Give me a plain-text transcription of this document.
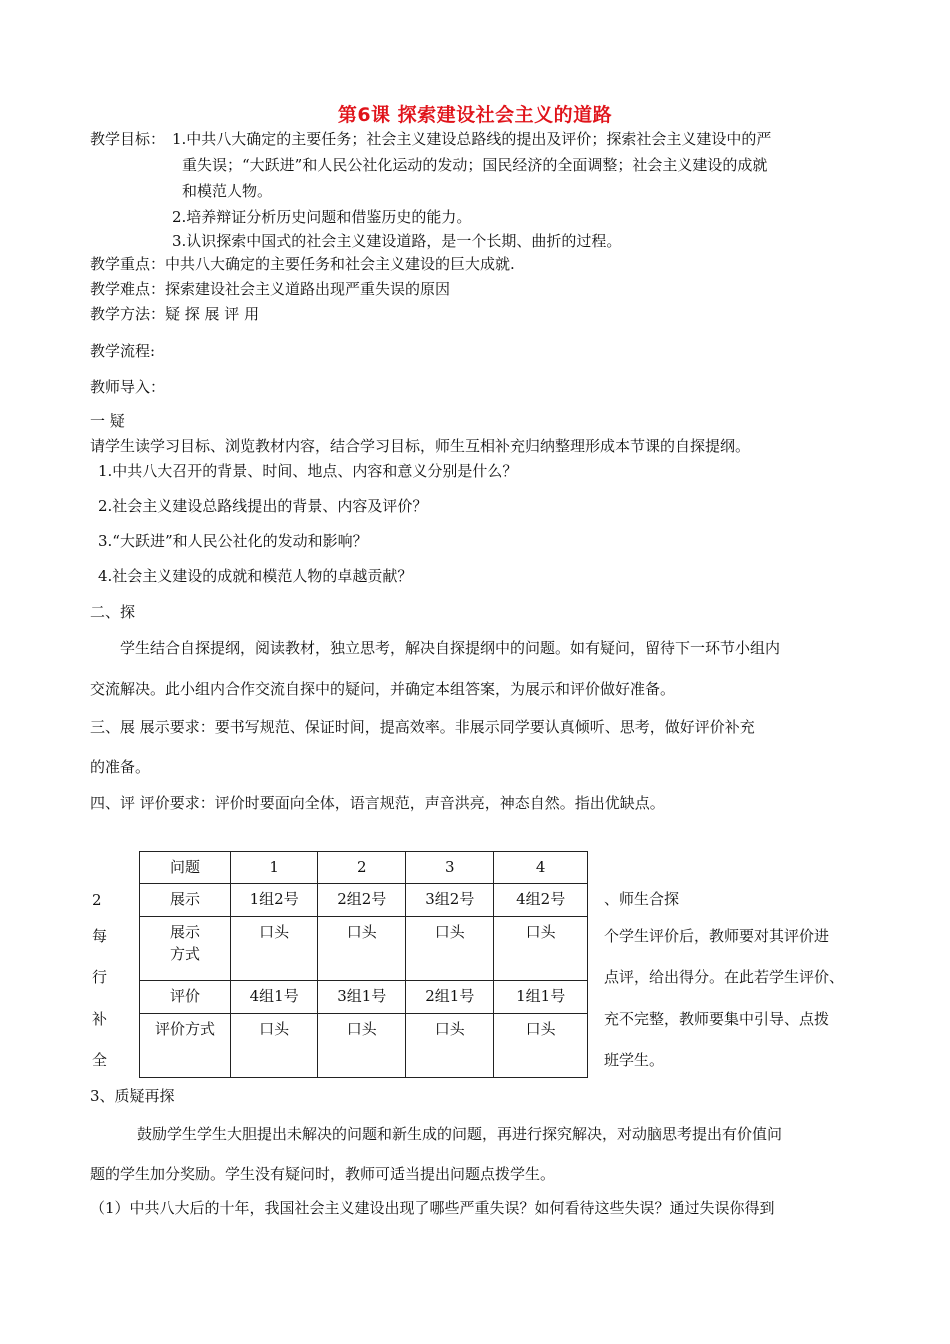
第6课 探索建设社会主义的道路
教学目标： 1.中共八大确定的主要任务；社会主义建设总路线的提出及评价；探索社会主义建设中的严
重失误；“大跃进”和人民公社化运动的发动；国民经济的全面调整；社会主义建设的成就
和模范人物。
2.培养辩证分析历史问题和借鉴历史的能力。
3.认识探索中国式的社会主义建设道路，是一个长期、曲折的过程。
教学重点：中共八大确定的主要任务和社会主义建设的巨大成就.
教学难点：探索建设社会主义道路出现严重失误的原因
教学方法：疑 探 展 评 用
教学流程:
教师导入：
一 疑
请学生读学习目标、浏览教材内容，结合学习目标，师生互相补充归纳整理形成本节课的自探提纲。
1.中共八大召开的背景、时间、地点、内容和意义分别是什么？
2.社会主义建设总路线提出的背景、内容及评价？
3.“大跃进”和人民公社化的发动和影响？
4.社会主义建设的成就和模范人物的卓越贡献？
二、探
学生结合自探提纲，阅读教材，独立思考，解决自探提纲中的问题。如有疑问，留待下一环节小组内
交流解决。此小组内合作交流自探中的疑问，并确定本组答案，为展示和评价做好准备。
三、展 展示要求：要书写规范、保证时间，提高效率。非展示同学要认真倾听、思考，做好评价补充
的准备。
四、评 评价要求：评价时要面向全体，语言规范，声音洪亮，神态自然。指出优缺点。
2
每
行
补
全
问题	1	2	3	4
展示	1组2号	2组2号	3组2号	4组2号

展示方式	口头	口头	口头	口头
评价	4组1号	3组1号	2组1号	1组1号

评价方式	口头	口头	口头	口头
、师生合探
个学生评价后，教师要对其评价进
点评，给出得分。在此若学生评价、
充不完整，教师要集中引导、点拨
班学生。
3、质疑再探
鼓励学生学生大胆提出未解决的问题和新生成的问题，再进行探究解决，对动脑思考提出有价值问
题的学生加分奖励。学生没有疑问时，教师可适当提出问题点拨学生。
（1）中共八大后的十年，我国社会主义建设出现了哪些严重失误？如何看待这些失误？通过失误你得到
